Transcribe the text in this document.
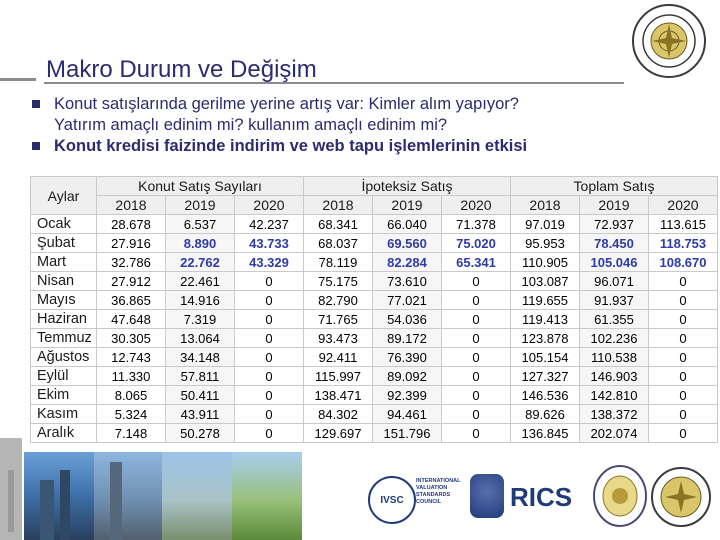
Makro Durum ve Değişim
Konut satışlarında gerilme yerine artış var: Kimler alım yapıyor?
Yatırım amaçlı edinim mi? kullanım amaçlı edinim mi?
Konut kredisi faizinde indirim ve web tapu işlemlerinin etkisi
Aylar	Konut Satış Sayıları			İpoteksiz Satış			Toplam Satış		
	2018	2019	2020	2018	2019	2020	2018	2019	2020
Ocak	28.678	6.537	42.237	68.341	66.040	71.378	97.019	72.937	113.615
Şubat	27.916	8.890	43.733	68.037	69.560	75.020	95.953	78.450	118.753
Mart	32.786	22.762	43.329	78.119	82.284	65.341	110.905	105.046	108.670
Nisan	27.912	22.461	0	75.175	73.610	0	103.087	96.071	0
Mayıs	36.865	14.916	0	82.790	77.021	0	119.655	91.937	0
Haziran	47.648	7.319	0	71.765	54.036	0	119.413	61.355	0
Temmuz	30.305	13.064	0	93.473	89.172	0	123.878	102.236	0
Ağustos	12.743	34.148	0	92.411	76.390	0	105.154	110.538	0
Eylül	11.330	57.811	0	115.997	89.092	0	127.327	146.903	0
Ekim	8.065	50.411	0	138.471	92.399	0	146.536	142.810	0
Kasım	5.324	43.911	0	84.302	94.461	0	89.626	138.372	0
Aralık	7.148	50.278	0	129.697	151.796	0	136.845	202.074	0
IVSC
INTERNATIONAL VALUATION STANDARDS COUNCIL	RICS
